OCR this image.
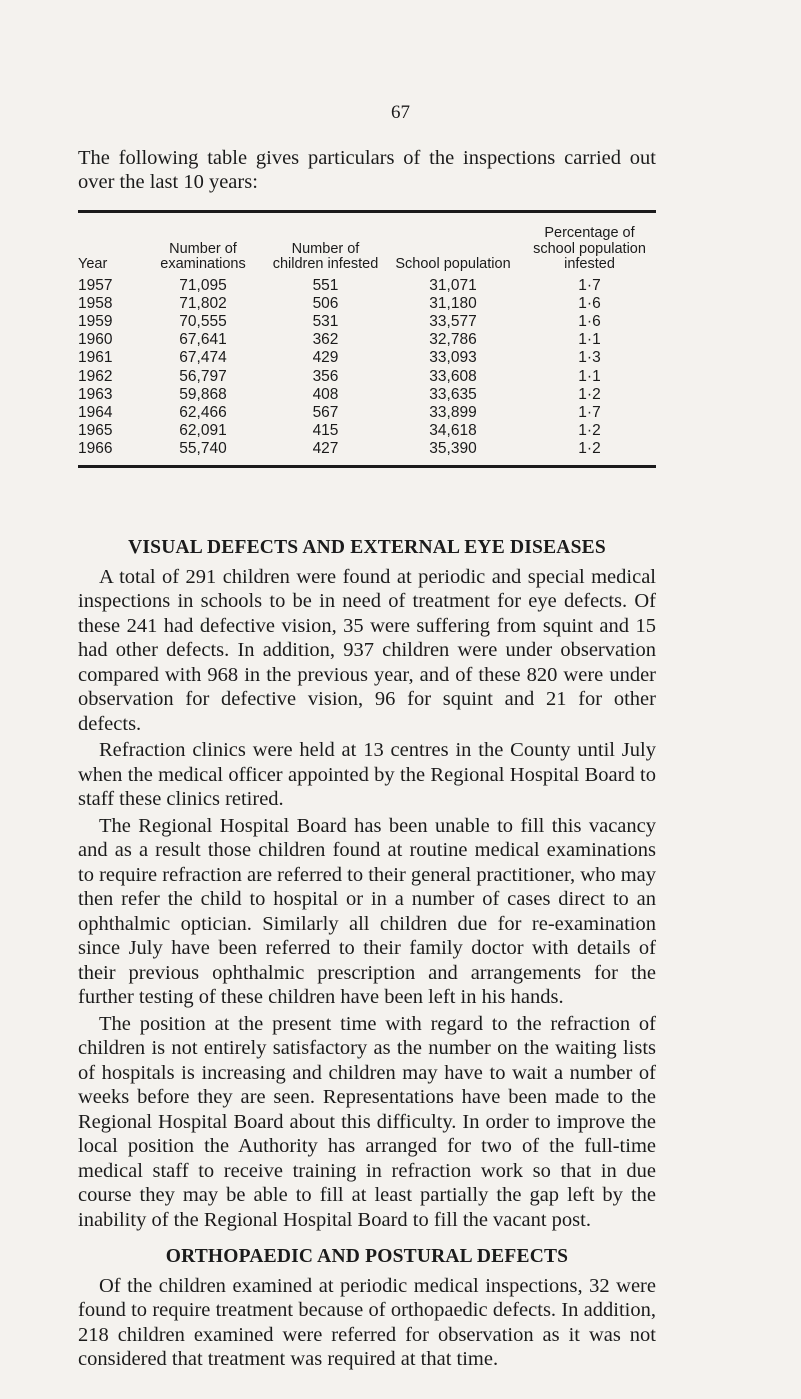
67
The following table gives particulars of the inspections carried out over the last 10 years:
Year	Number of examinations	Number of children infested	School population	Percentage of school population infested
1957	71,095	551	31,071	1·7
1958	71,802	506	31,180	1·6
1959	70,555	531	33,577	1·6
1960	67,641	362	32,786	1·1
1961	67,474	429	33,093	1·3
1962	56,797	356	33,608	1·1
1963	59,868	408	33,635	1·2
1964	62,466	567	33,899	1·7
1965	62,091	415	34,618	1·2
1966	55,740	427	35,390	1·2
VISUAL DEFECTS AND EXTERNAL EYE DISEASES

A total of 291 children were found at periodic and special medical inspections in schools to be in need of treatment for eye defects. Of these 241 had defective vision, 35 were suffering from squint and 15 had other defects. In addition, 937 children were under observation compared with 968 in the previous year, and of these 820 were under observation for defective vision, 96 for squint and 21 for other defects.

Refraction clinics were held at 13 centres in the County until July when the medical officer appointed by the Regional Hospital Board to staff these clinics retired.

The Regional Hospital Board has been unable to fill this vacancy and as a result those children found at routine medical examinations to require refraction are referred to their general practitioner, who may then refer the child to hospital or in a number of cases direct to an ophthalmic optician. Similarly all children due for re-examination since July have been referred to their family doctor with details of their previous ophthalmic prescription and arrangements for the further testing of these children have been left in his hands.

The position at the present time with regard to the refraction of children is not entirely satisfactory as the number on the waiting lists of hospitals is increasing and children may have to wait a number of weeks before they are seen. Representations have been made to the Regional Hospital Board about this difficulty. In order to improve the local position the Authority has arranged for two of the full-time medical staff to receive training in refraction work so that in due course they may be able to fill at least partially the gap left by the inability of the Regional Hospital Board to fill the vacant post.

ORTHOPAEDIC AND POSTURAL DEFECTS

Of the children examined at periodic medical inspections, 32 were found to require treatment because of orthopaedic defects. In addition, 218 children examined were referred for observation as it was not considered that treatment was required at that time.
